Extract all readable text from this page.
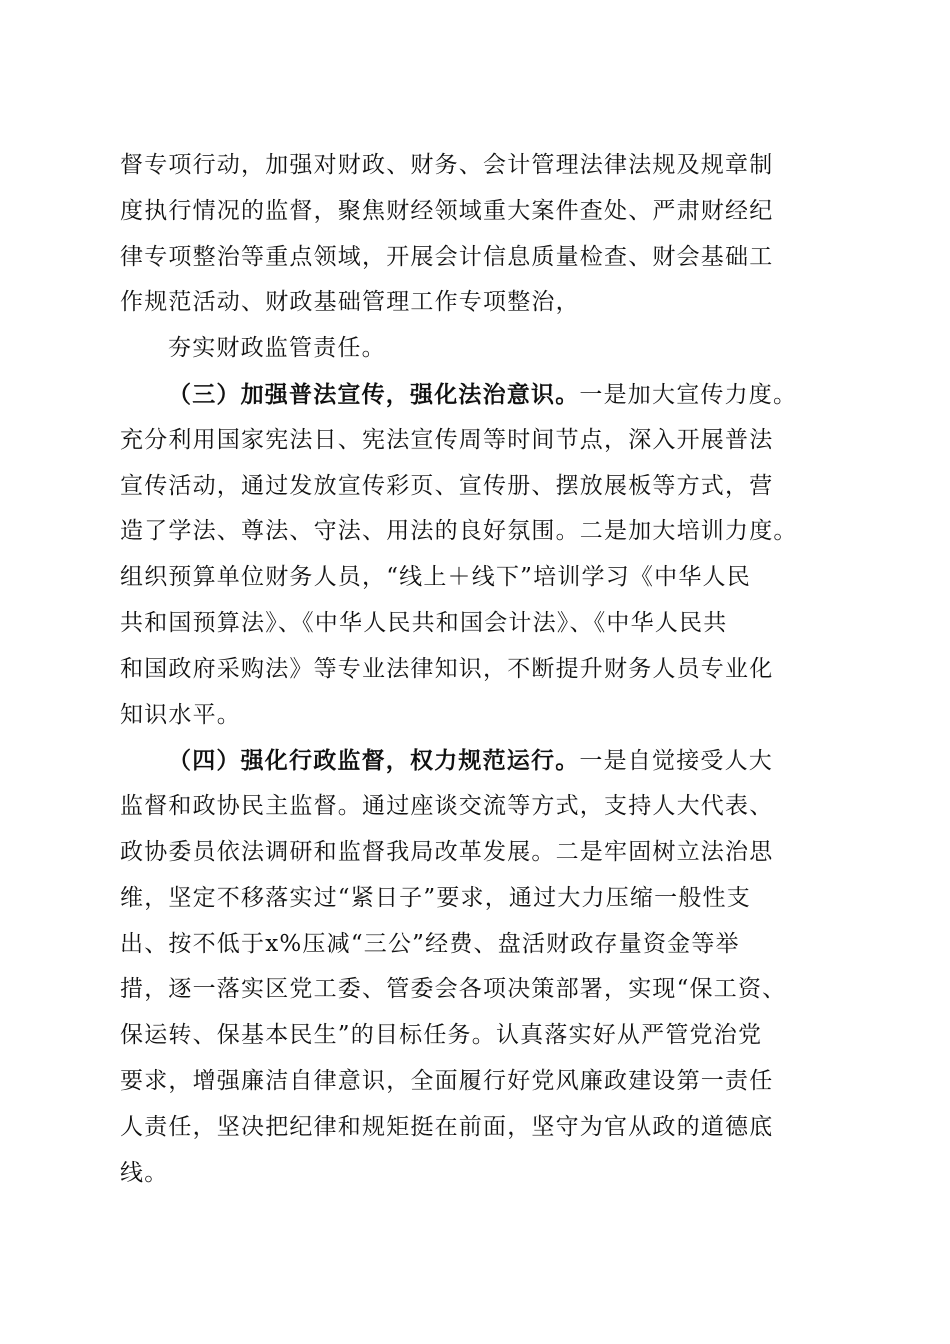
督专项行动，加强对财政、财务、会计管理法律法规及规章制
度执行情况的监督，聚焦财经领域重大案件查处、严肃财经纪
律专项整治等重点领域，开展会计信息质量检查、财会基础工
作规范活动、财政基础管理工作专项整治，
夯实财政监管责任。
（三）加强普法宣传，强化法治意识。一是加大宣传力度。
充分利用国家宪法日、宪法宣传周等时间节点，深入开展普法
宣传活动，通过发放宣传彩页、宣传册、摆放展板等方式，营
造了学法、尊法、守法、用法的良好氛围。二是加大培训力度。
组织预算单位财务人员，“线上＋线下”培训学习《中华人民
共和国预算法》、《中华人民共和国会计法》、《中华人民共
和国政府采购法》等专业法律知识，不断提升财务人员专业化
知识水平。
（四）强化行政监督，权力规范运行。一是自觉接受人大
监督和政协民主监督。通过座谈交流等方式，支持人大代表、
政协委员依法调研和监督我局改革发展。二是牢固树立法治思
维，坚定不移落实过“紧日子”要求，通过大力压缩一般性支
出、按不低于x%压减“三公”经费、盘活财政存量资金等举
措，逐一落实区党工委、管委会各项决策部署，实现“保工资、
保运转、保基本民生”的目标任务。认真落实好从严管党治党
要求，增强廉洁自律意识，全面履行好党风廉政建设第一责任
人责任，坚决把纪律和规矩挺在前面，坚守为官从政的道德底
线。
